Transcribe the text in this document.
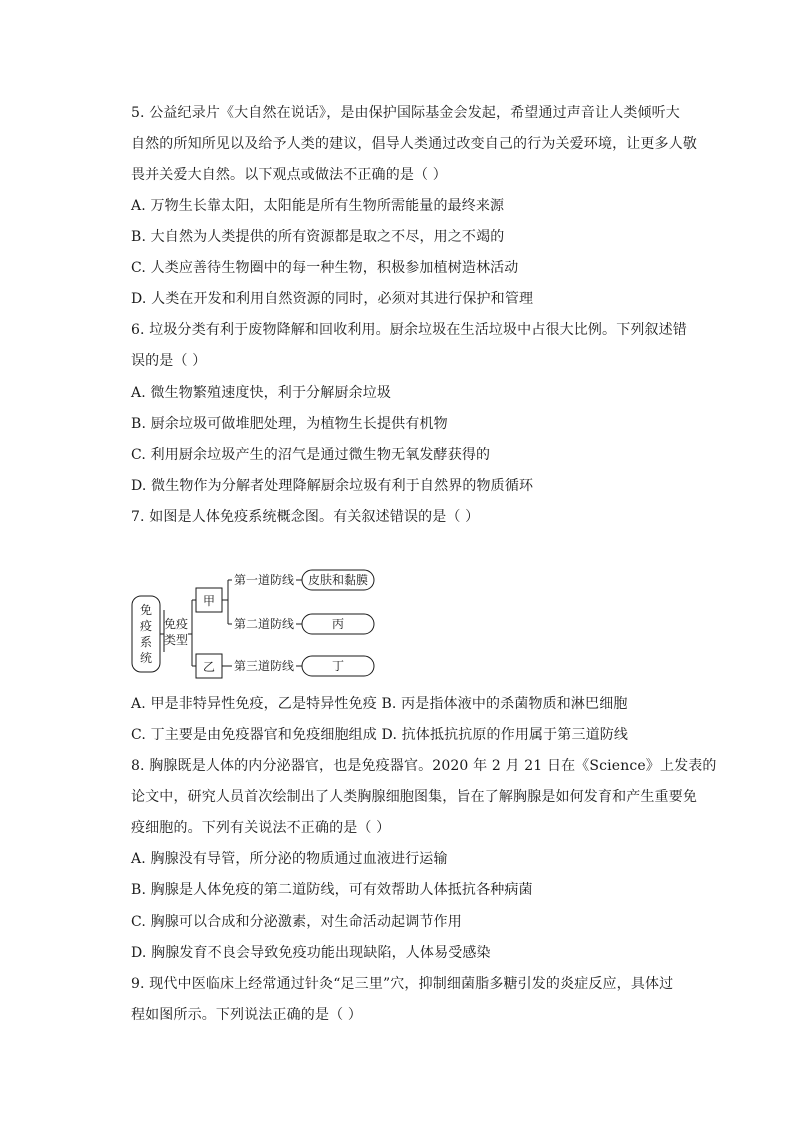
5. 公益纪录片《大自然在说话》，是由保护国际基金会发起，希望通过声音让人类倾听大
自然的所知所见以及给予人类的建议，倡导人类通过改变自己的行为关爱环境，让更多人敬
畏并关爱大自然。以下观点或做法不正确的是（ ）
A. 万物生长靠太阳，太阳能是所有生物所需能量的最终来源
B. 大自然为人类提供的所有资源都是取之不尽，用之不竭的
C. 人类应善待生物圈中的每一种生物，积极参加植树造林活动
D. 人类在开发和利用自然资源的同时，必须对其进行保护和管理
6. 垃圾分类有利于废物降解和回收利用。厨余垃圾在生活垃圾中占很大比例。下列叙述错
误的是（ ）
A. 微生物繁殖速度快，利于分解厨余垃圾
B. 厨余垃圾可做堆肥处理，为植物生长提供有机物
C. 利用厨余垃圾产生的沼气是通过微生物无氧发酵获得的
D. 微生物作为分解者处理降解厨余垃圾有利于自然界的物质循环
7. 如图是人体免疫系统概念图。有关叙述错误的是（ ）
免
疫
系
统
免疫
类型
甲
乙
第一道防线
第二道防线
第三道防线
皮肤和黏膜
丙
丁
A. 甲是非特异性免疫，乙是特异性免疫 B. 丙是指体液中的杀菌物质和淋巴细胞
C. 丁主要是由免疫器官和免疫细胞组成 D. 抗体抵抗抗原的作用属于第三道防线
8. 胸腺既是人体的内分泌器官，也是免疫器官。2020 年 2 月 21 日在《Science》上发表的
论文中，研究人员首次绘制出了人类胸腺细胞图集，旨在了解胸腺是如何发育和产生重要免
疫细胞的。下列有关说法不正确的是（ ）
A. 胸腺没有导管，所分泌的物质通过血液进行运输
B. 胸腺是人体免疫的第二道防线，可有效帮助人体抵抗各种病菌
C. 胸腺可以合成和分泌激素，对生命活动起调节作用
D. 胸腺发育不良会导致免疫功能出现缺陷，人体易受感染
9. 现代中医临床上经常通过针灸“足三里”穴，抑制细菌脂多糖引发的炎症反应，具体过
程如图所示。下列说法正确的是（ ）
